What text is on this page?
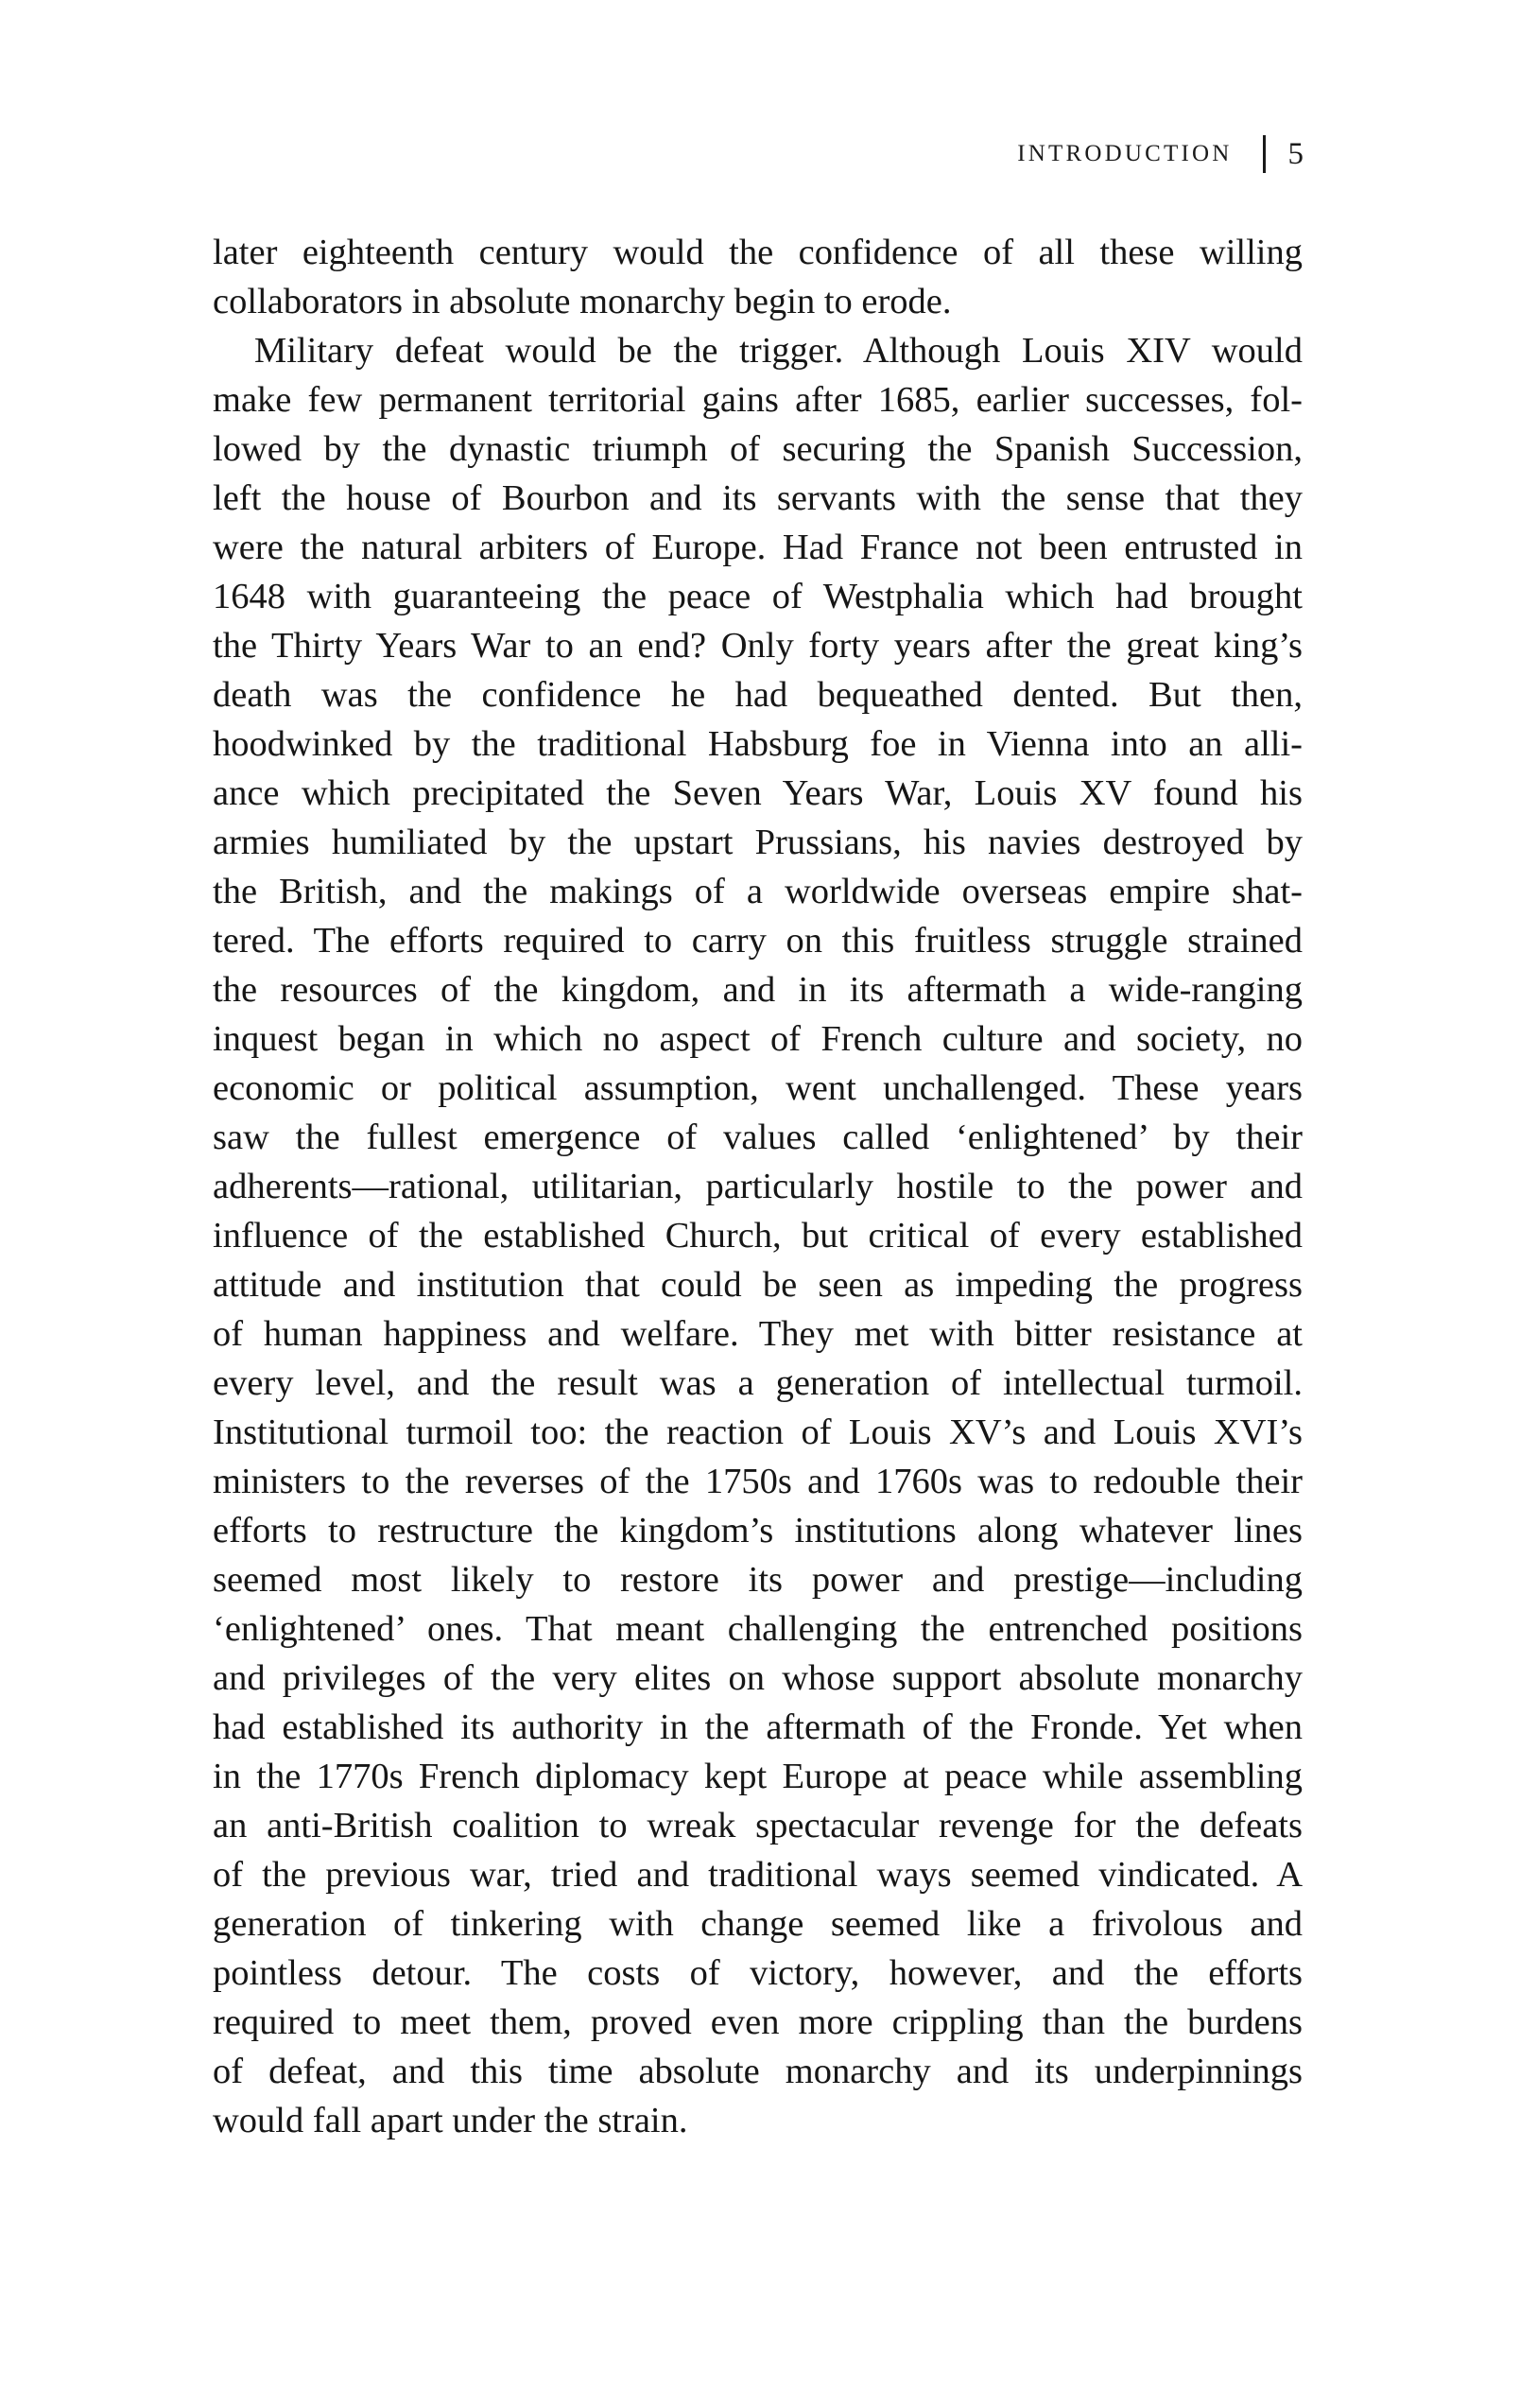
INTRODUCTION 5
later eighteenth century would the confidence of all these willing
collaborators in absolute monarchy begin to erode.
Military defeat would be the trigger. Although Louis XIV would
make few permanent territorial gains after 1685, earlier successes, fol-
lowed by the dynastic triumph of securing the Spanish Succession,
left the house of Bourbon and its servants with the sense that they
were the natural arbiters of Europe. Had France not been entrusted in
1648 with guaranteeing the peace of Westphalia which had brought
the Thirty Years War to an end? Only forty years after the great king’s
death was the confidence he had bequeathed dented. But then,
hoodwinked by the traditional Habsburg foe in Vienna into an alli-
ance which precipitated the Seven Years War, Louis XV found his
armies humiliated by the upstart Prussians, his navies destroyed by
the British, and the makings of a worldwide overseas empire shat-
tered. The efforts required to carry on this fruitless struggle strained
the resources of the kingdom, and in its aftermath a wide-ranging
inquest began in which no aspect of French culture and society, no
economic or political assumption, went unchallenged. These years
saw the fullest emergence of values called ‘enlightened’ by their
adherents—rational, utilitarian, particularly hostile to the power and
influence of the established Church, but critical of every established
attitude and institution that could be seen as impeding the progress
of human happiness and welfare. They met with bitter resistance at
every level, and the result was a generation of intellectual turmoil.
Institutional turmoil too: the reaction of Louis XV’s and Louis XVI’s
ministers to the reverses of the 1750s and 1760s was to redouble their
efforts to restructure the kingdom’s institutions along whatever lines
seemed most likely to restore its power and prestige—including
‘enlightened’ ones. That meant challenging the entrenched positions
and privileges of the very elites on whose support absolute monarchy
had established its authority in the aftermath of the Fronde. Yet when
in the 1770s French diplomacy kept Europe at peace while assembling
an anti-British coalition to wreak spectacular revenge for the defeats
of the previous war, tried and traditional ways seemed vindicated. A
generation of tinkering with change seemed like a frivolous and
pointless detour. The costs of victory, however, and the efforts
required to meet them, proved even more crippling than the burdens
of defeat, and this time absolute monarchy and its underpinnings
would fall apart under the strain.
